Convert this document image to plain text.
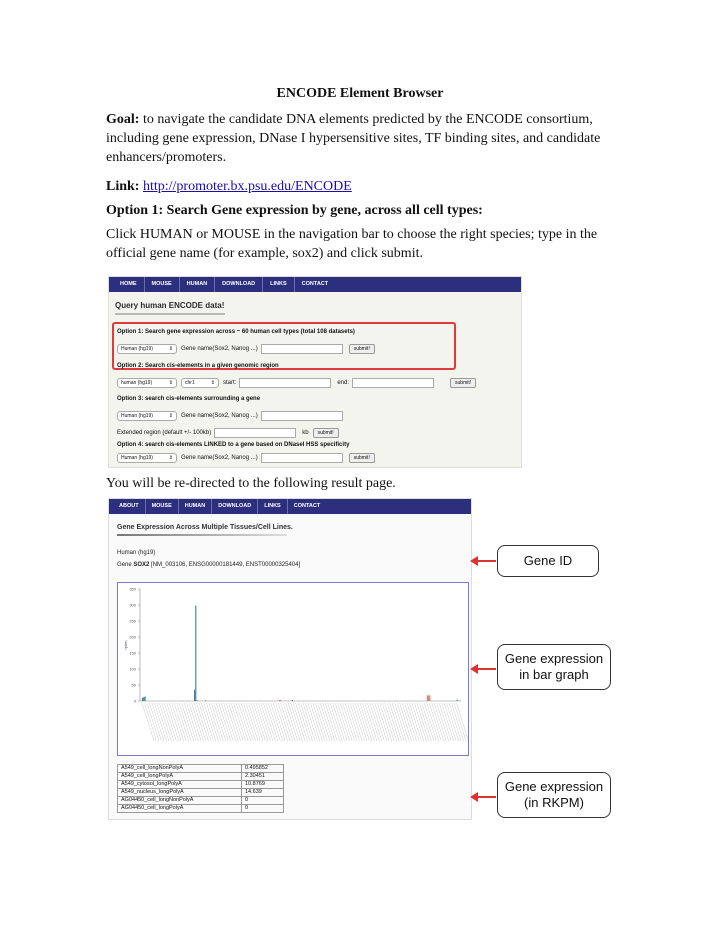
ENCODE Element Browser
Goal: to navigate the candidate DNA elements predicted by the ENCODE consortium, including gene expression, DNase I hypersensitive sites, TF binding sites, and candidate enhancers/promoters.
Link: http://promoter.bx.psu.edu/ENCODE
Option 1: Search Gene expression by gene, across all cell types:
Click HUMAN or MOUSE in the navigation bar to choose the right species; type in the official gene name (for example, sox2) and click submit.
HOME	MOUSE	HUMAN	DOWNLOAD	LINKS	CONTACT
Query human ENCODE data!
Option 1: Search gene expression across ~ 60 human cell types (total 108 datasets)
Human (hg19)	⇕ Gene name(Sox2, Nanog ...)	submit!
Option 2: Search cis-elements in a given genomic region
human (hg19)	⇕ chr1	⇕ start:	end:	submit!
Option 3: search cis-elements surrounding a gene
Human (hg19)	⇕ Gene name(Sox2, Nanog ...)
Extended region (default +/- 100kb)	kb	submit!
Option 4: search cis-elements LINKED to a gene based on DNaseI HSS specificity
Human (hg19)	⇕ Gene name(Sox2, Nanog ...)	submit!
You will be re-directed to the following result page.
ABOUT	MOUSE	HUMAN	DOWNLOAD	LINKS	CONTACT
Gene Expression Across Multiple Tissues/Cell Lines.
Human (hg19)
Gene SOX2 [NM_003106, ENSG00000181449, ENST00000325404]
0
50
100
150
200
250
300
350
rpkm
A549_cell_longNonPolyA	0.495852
A549_cell_longPolyA	2.30451
A549_cytosol_longPolyA	10.8769
A549_nucleus_longPolyA	14.639
AG04450_cell_longNonPolyA	0
AG04450_cell_longPolyA	0
Gene ID
Gene expression
in bar graph
Gene expression
(in RKPM)
